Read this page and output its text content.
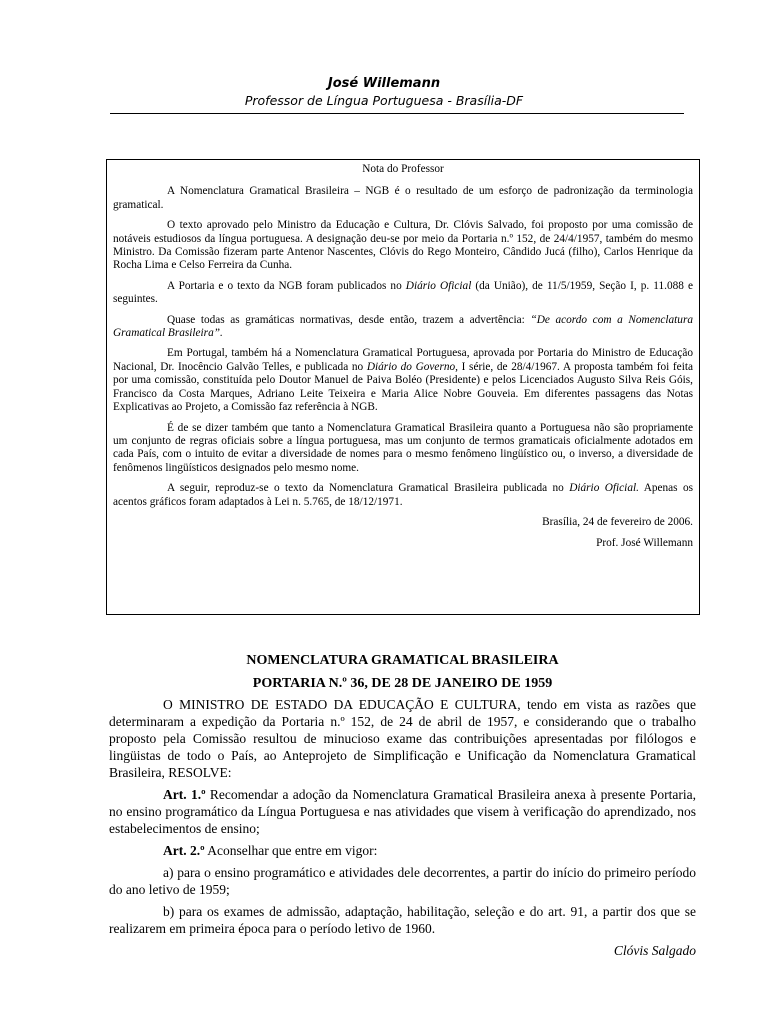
José Willemann
Professor de Língua Portuguesa - Brasília-DF
Nota do Professor

A Nomenclatura Gramatical Brasileira – NGB é o resultado de um esforço de padronização da terminologia gramatical.

O texto aprovado pelo Ministro da Educação e Cultura, Dr. Clóvis Salvado, foi proposto por uma comissão de notáveis estudiosos da língua portuguesa. A designação deu-se por meio da Portaria n.º 152, de 24/4/1957, também do mesmo Ministro. Da Comissão fizeram parte Antenor Nascentes, Clóvis do Rego Monteiro, Cândido Jucá (filho), Carlos Henrique da Rocha Lima e Celso Ferreira da Cunha.

A Portaria e o texto da NGB foram publicados no Diário Oficial (da União), de 11/5/1959, Seção I, p. 11.088 e seguintes.

Quase todas as gramáticas normativas, desde então, trazem a advertência: “De acordo com a Nomenclatura Gramatical Brasileira”.

Em Portugal, também há a Nomenclatura Gramatical Portuguesa, aprovada por Portaria do Ministro de Educação Nacional, Dr. Inocêncio Galvão Telles, e publicada no Diário do Governo, I série, de 28/4/1967. A proposta também foi feita por uma comissão, constituída pelo Doutor Manuel de Paiva Boléo (Presidente) e pelos Licenciados Augusto Silva Reis Góis, Francisco da Costa Marques, Adriano Leite Teixeira e Maria Alice Nobre Gouveia. Em diferentes passagens das Notas Explicativas ao Projeto, a Comissão faz referência à NGB.

É de se dizer também que tanto a Nomenclatura Gramatical Brasileira quanto a Portuguesa não são propriamente um conjunto de regras oficiais sobre a língua portuguesa, mas um conjunto de termos gramaticais oficialmente adotados em cada País, com o intuito de evitar a diversidade de nomes para o mesmo fenômeno lingüístico ou, o inverso, a diversidade de fenômenos lingüísticos designados pelo mesmo nome.

A seguir, reproduz-se o texto da Nomenclatura Gramatical Brasileira publicada no Diário Oficial. Apenas os acentos gráficos foram adaptados à Lei n. 5.765, de 18/12/1971.

Brasília, 24 de fevereiro de 2006.

Prof. José Willemann

NOMENCLATURA GRAMATICAL BRASILEIRA
PORTARIA N.º 36, DE 28 DE JANEIRO DE 1959

O MINISTRO DE ESTADO DA EDUCAÇÃO E CULTURA, tendo em vista as razões que determinaram a expedição da Portaria n.º 152, de 24 de abril de 1957, e considerando que o trabalho proposto pela Comissão resultou de minucioso exame das contribuições apresentadas por filólogos e lingüistas de todo o País, ao Anteprojeto de Simplificação e Unificação da Nomenclatura Gramatical Brasileira, RESOLVE:

Art. 1.º Recomendar a adoção da Nomenclatura Gramatical Brasileira anexa à presente Portaria, no ensino programático da Língua Portuguesa e nas atividades que visem à verificação do aprendizado, nos estabelecimentos de ensino;

Art. 2.º Aconselhar que entre em vigor:

a) para o ensino programático e atividades dele decorrentes, a partir do início do primeiro período do ano letivo de 1959;

b) para os exames de admissão, adaptação, habilitação, seleção e do art. 91, a partir dos que se realizarem em primeira época para o período letivo de 1960.

Clóvis Salgado
